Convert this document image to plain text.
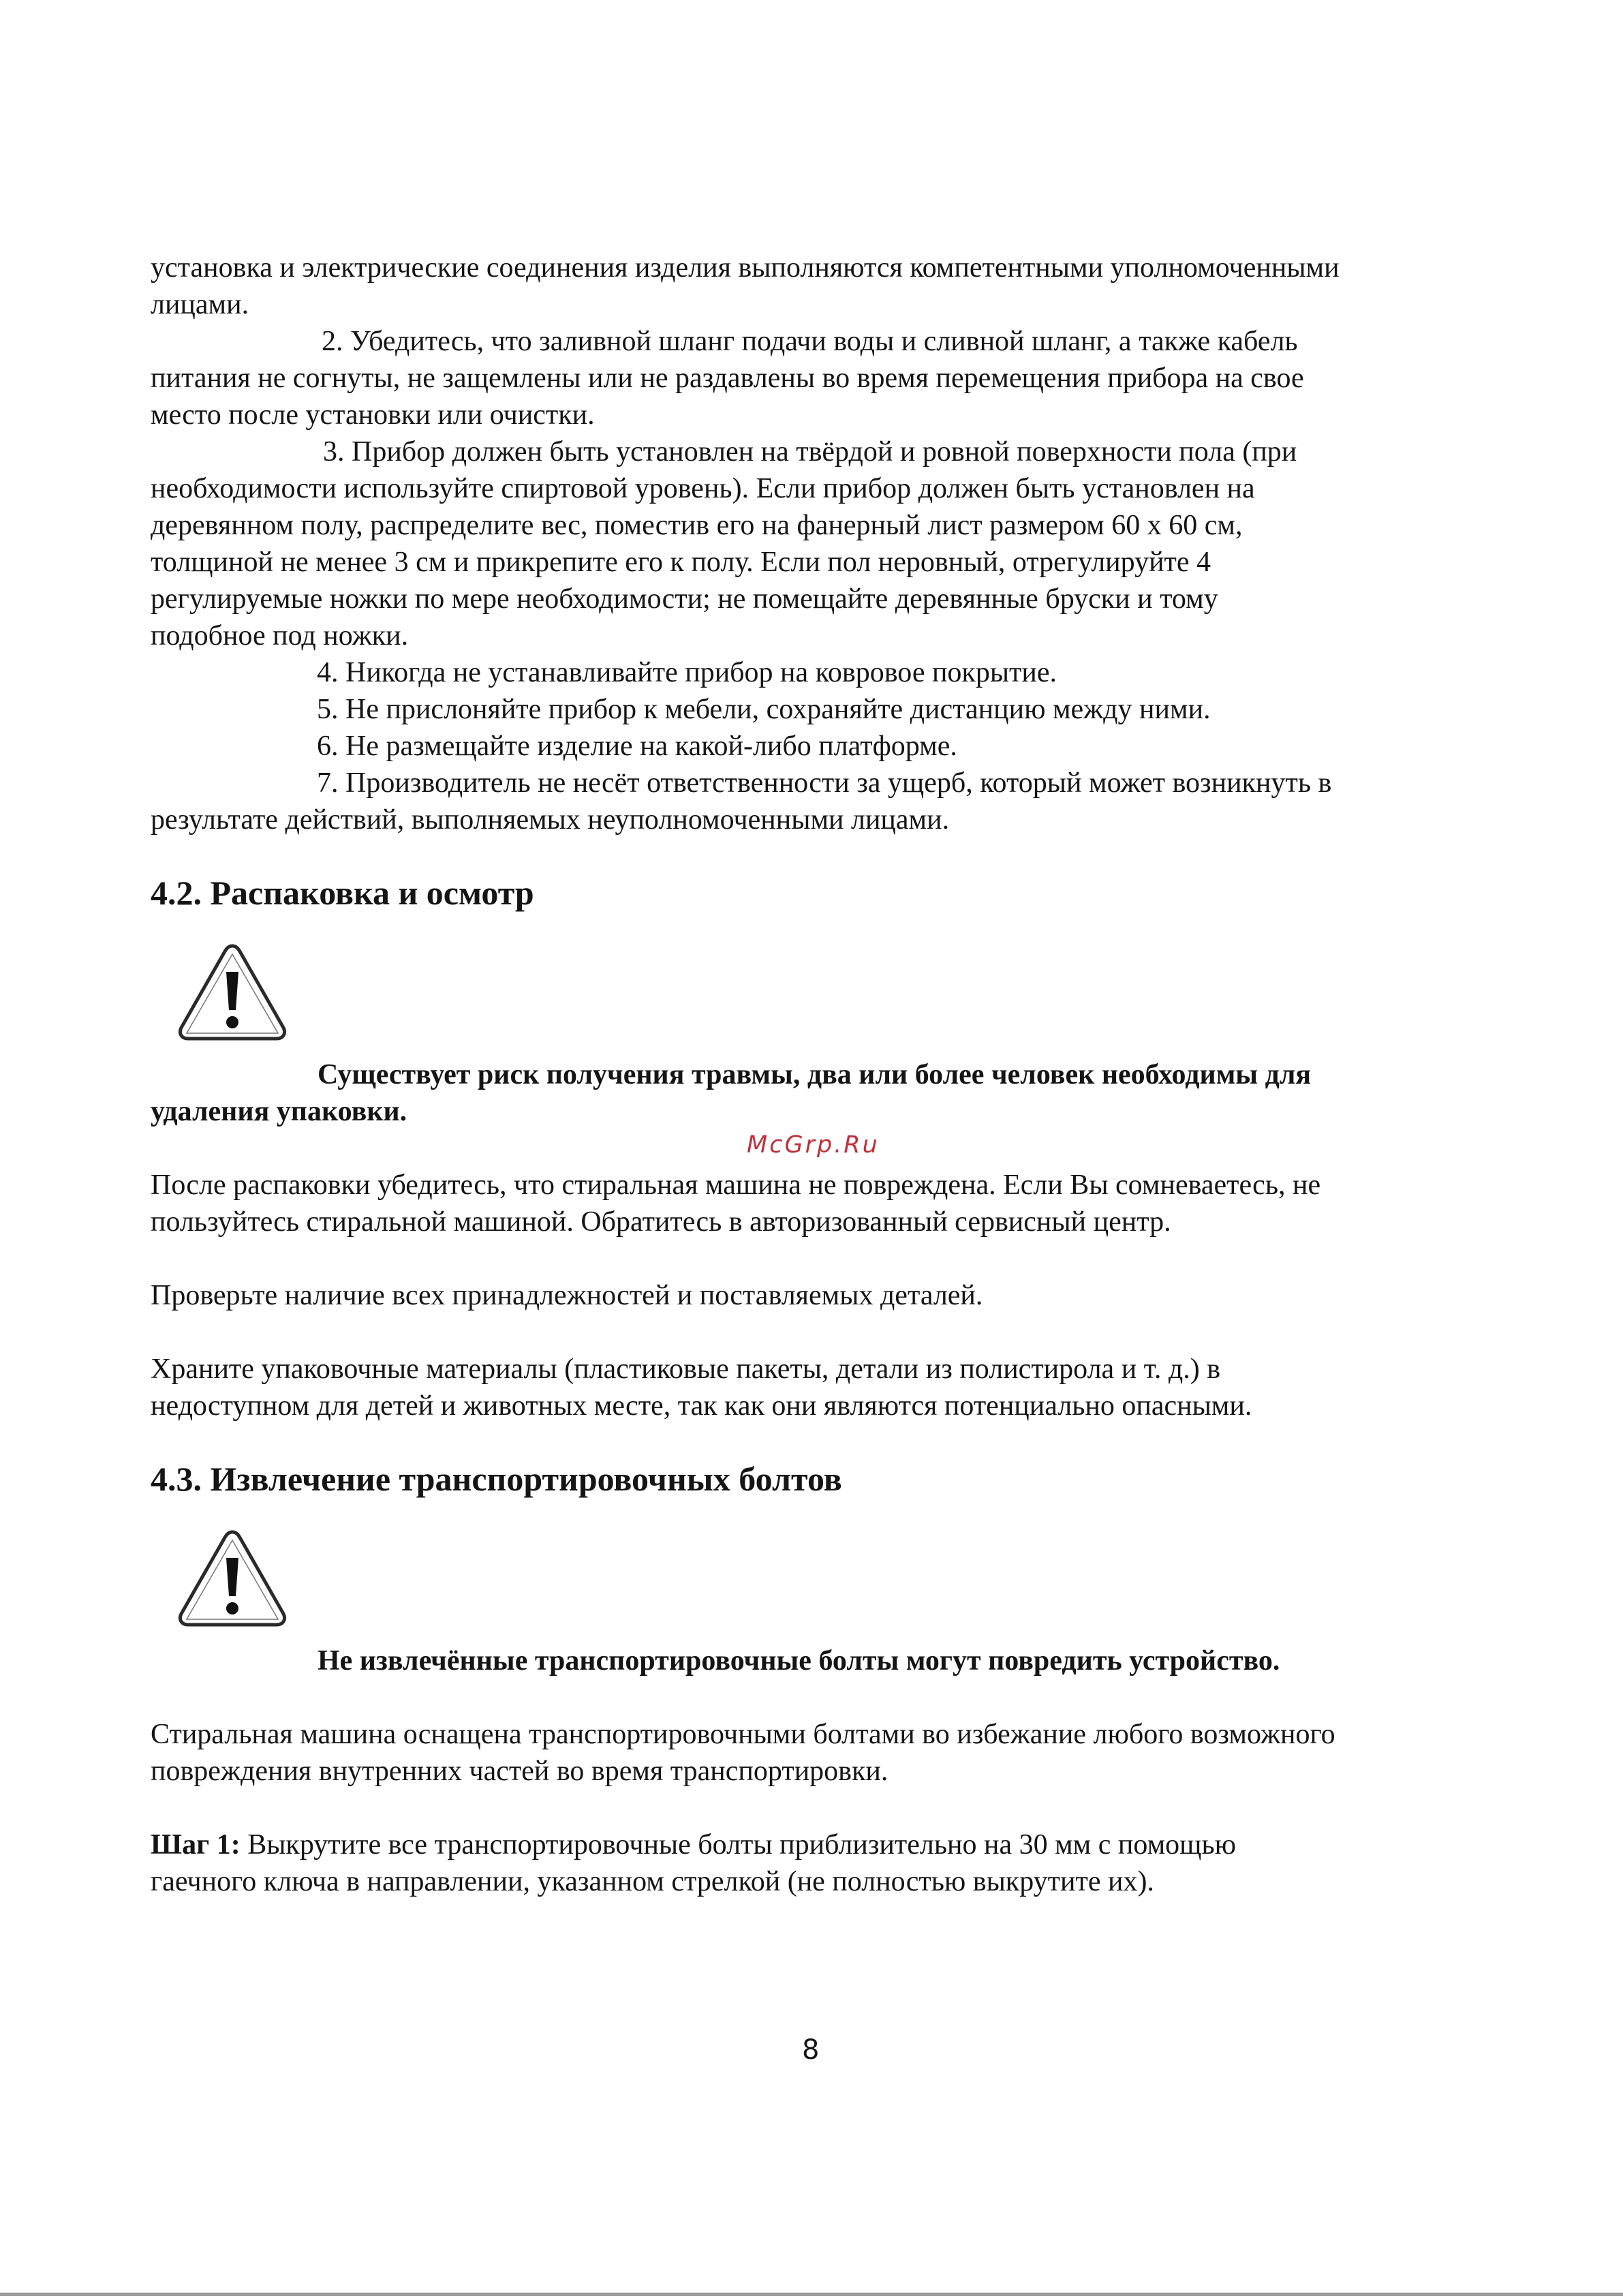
установка и электрические соединения изделия выполняются компетентными уполномоченными

лицами.

2. Убедитесь, что заливной шланг подачи воды и сливной шланг, а также кабель

питания не согнуты, не защемлены или не раздавлены во время перемещения прибора на свое

место после установки или очистки.

3. Прибор должен быть установлен на твёрдой и ровной поверхности пола (при

необходимости используйте спиртовой уровень). Если прибор должен быть установлен на

деревянном полу, распределите вес, поместив его на фанерный лист размером 60 x 60 см,

толщиной не менее 3 см и прикрепите его к полу. Если пол неровный, отрегулируйте 4

регулируемые ножки по мере необходимости; не помещайте деревянные бруски и тому

подобное под ножки.

4. Никогда не устанавливайте прибор на ковровое покрытие.

5. Не прислоняйте прибор к мебели, сохраняйте дистанцию между ними.

6. Не размещайте изделие на какой-либо платформе.

7. Производитель не несёт ответственности за ущерб, который может возникнуть в

результате действий, выполняемых неуполномоченными лицами.

4.2. Распаковка и осмотр

Существует риск получения травмы, два или более человек необходимы для

удаления упаковки.

McGrp.Ru

После распаковки убедитесь, что стиральная машина не повреждена. Если Вы сомневаетесь, не

пользуйтесь стиральной машиной. Обратитесь в авторизованный сервисный центр.

Проверьте наличие всех принадлежностей и поставляемых деталей.

Храните упаковочные материалы (пластиковые пакеты, детали из полистирола и т. д.) в

недоступном для детей и животных месте, так как они являются потенциально опасными.

4.3. Извлечение транспортировочных болтов

Не извлечённые транспортировочные болты могут повредить устройство.

Стиральная машина оснащена транспортировочными болтами во избежание любого возможного

повреждения внутренних частей во время транспортировки.

Шаг 1: Выкрутите все транспортировочные болты приблизительно на 30 мм с помощью

гаечного ключа в направлении, указанном стрелкой (не полностью выкрутите их).

8
